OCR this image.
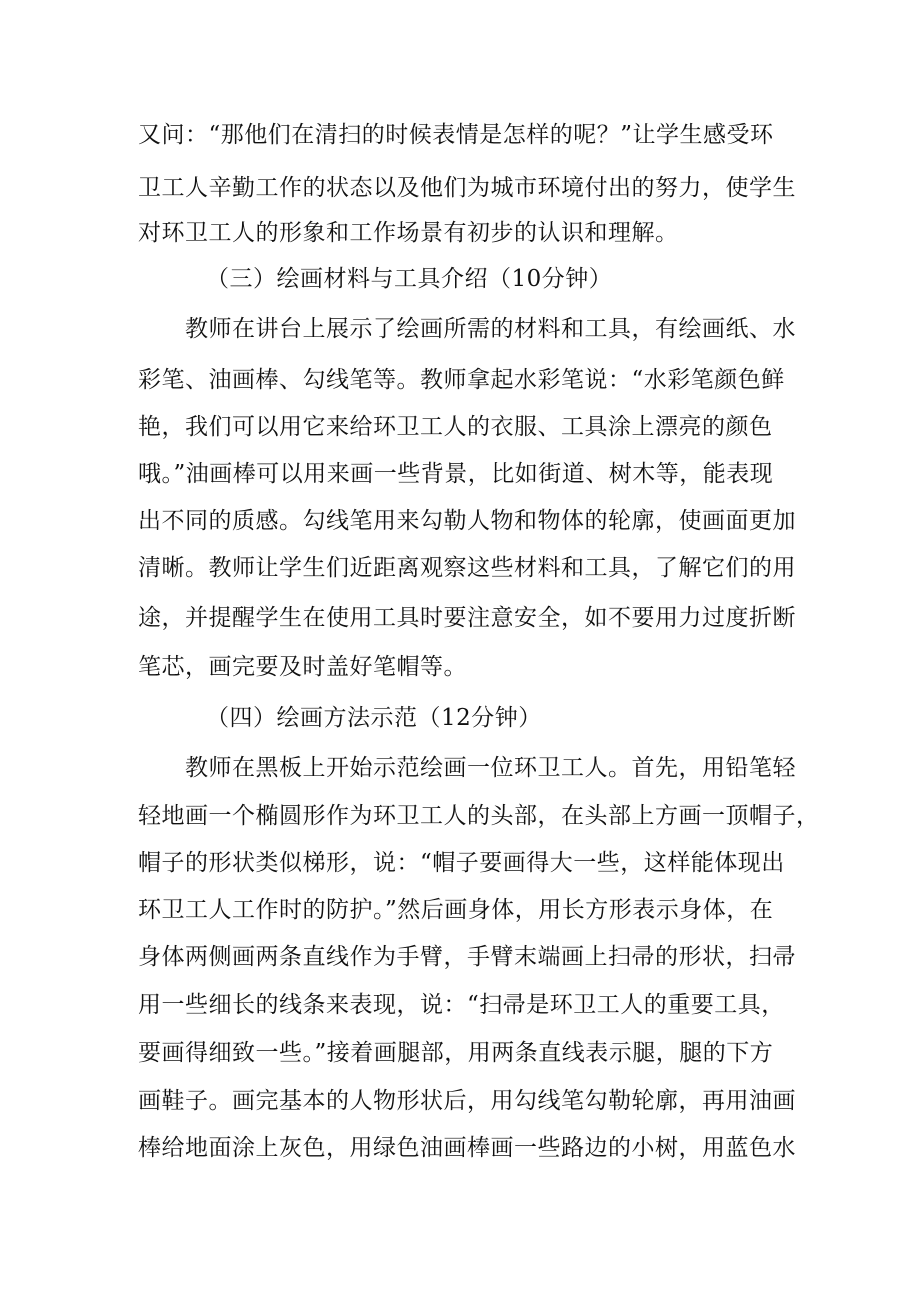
又问：“那他们在清扫的时候表情是怎样的呢？”让学生感受环
卫工人辛勤工作的状态以及他们为城市环境付出的努力，使学生
对环卫工人的形象和工作场景有初步的认识和理解。
（三）绘画材料与工具介绍（10分钟）
教师在讲台上展示了绘画所需的材料和工具，有绘画纸、水
彩笔、油画棒、勾线笔等。教师拿起水彩笔说：“水彩笔颜色鲜
艳，我们可以用它来给环卫工人的衣服、工具涂上漂亮的颜色
哦。”油画棒可以用来画一些背景，比如街道、树木等，能表现
出不同的质感。勾线笔用来勾勒人物和物体的轮廓，使画面更加
清晰。教师让学生们近距离观察这些材料和工具，了解它们的用
途，并提醒学生在使用工具时要注意安全，如不要用力过度折断
笔芯，画完要及时盖好笔帽等。
（四）绘画方法示范（12分钟）
教师在黑板上开始示范绘画一位环卫工人。首先，用铅笔轻
轻地画一个椭圆形作为环卫工人的头部，在头部上方画一顶帽子，
帽子的形状类似梯形，说：“帽子要画得大一些，这样能体现出
环卫工人工作时的防护。”然后画身体，用长方形表示身体，在
身体两侧画两条直线作为手臂，手臂末端画上扫帚的形状，扫帚
用一些细长的线条来表现，说：“扫帚是环卫工人的重要工具，
要画得细致一些。”接着画腿部，用两条直线表示腿，腿的下方
画鞋子。画完基本的人物形状后，用勾线笔勾勒轮廓，再用油画
棒给地面涂上灰色，用绿色油画棒画一些路边的小树，用蓝色水
